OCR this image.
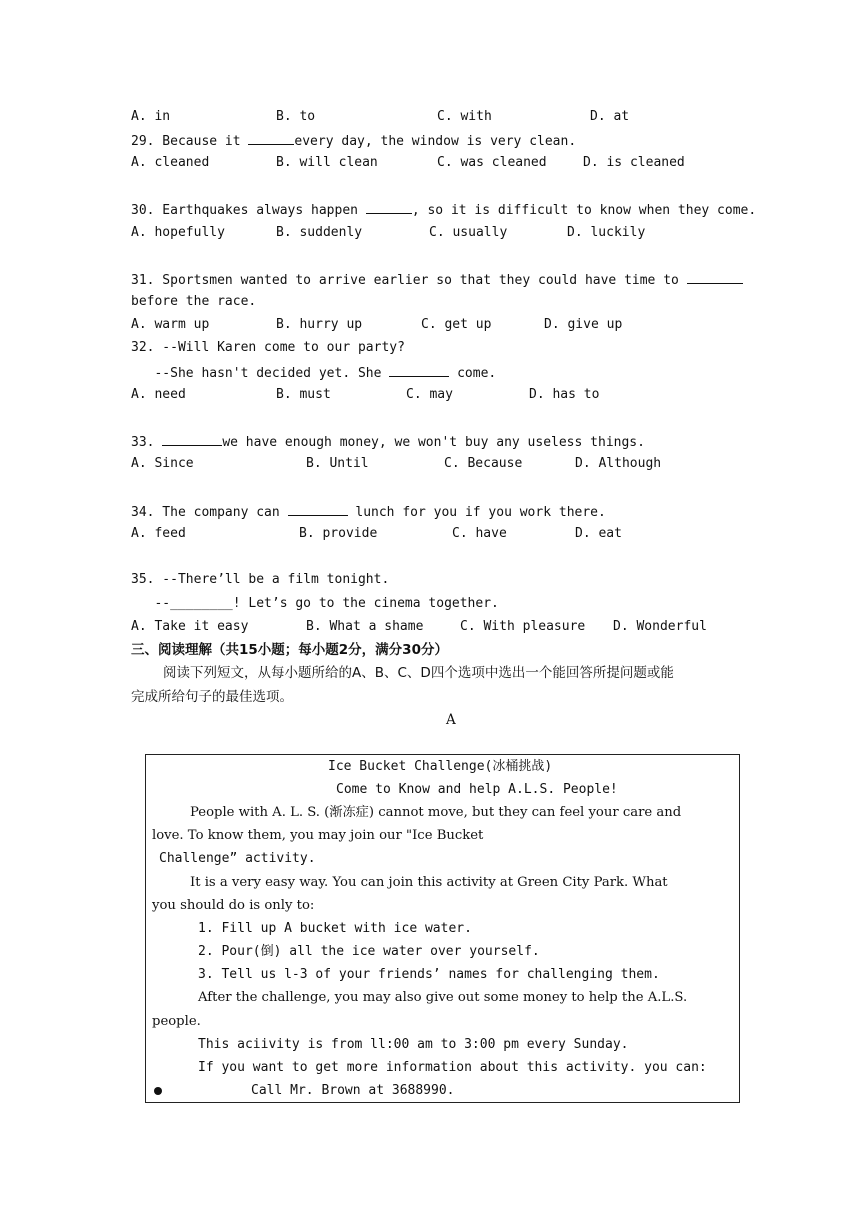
A. in	B. to	C. with	D. at
29. Because it	every day, the window is very clean.
A. cleaned	B. will clean	C. was cleaned	D. is cleaned
30. Earthquakes always happen	, so it is difficult to know when they come.
A. hopefully	B. suddenly	C. usually	D. luckily
31. Sportsmen wanted to arrive earlier so that they could have time to
before the race.
A. warm up	B. hurry up	C. get up	D. give up
32. --Will Karen come to our party?
--She hasn't decided yet. She	come.
A. need	B. must	C. may	D. has to
33.	we have enough money, we won't buy any useless things.
A. Since	B. Until	C. Because	D. Although
34. The company can	lunch for you if you work there.
A. feed	B. provide	C. have	D. eat
35. --There’ll be a film tonight.
--________! Let’s go to the cinema together.
A. Take it easy	B. What a shame	C. With pleasure D. Wonderful
三、阅读理解（共15小题；每小题2分，满分30分）
阅读下列短文，从每小题所给的A、B、C、D四个选项中选出一个能回答所提问题或能
完成所给句子的最佳选项。
A
Ice Bucket Challenge(冰桶挑战)
Come to Know and help A.L.S. People!
People with A. L. S. (渐冻症) cannot move, but they can feel your care and
love. To know them, you may join our "Ice Bucket
Challenge” activity.
It is a very easy way. You can join this activity at Green City Park. What
you should do is only to:
1. Fill up A bucket with ice water.
2. Pour(倒) all the ice water over yourself.
3. Tell us l-3 of your friends’ names for challenging them.
After the challenge, you may also give out some money to help the A.L.S.
people.
This aciivity is from ll:00 am to 3:00 pm every Sunday.
If you want to get more information about this activity. you can:
Call Mr. Brown at 3688990.
